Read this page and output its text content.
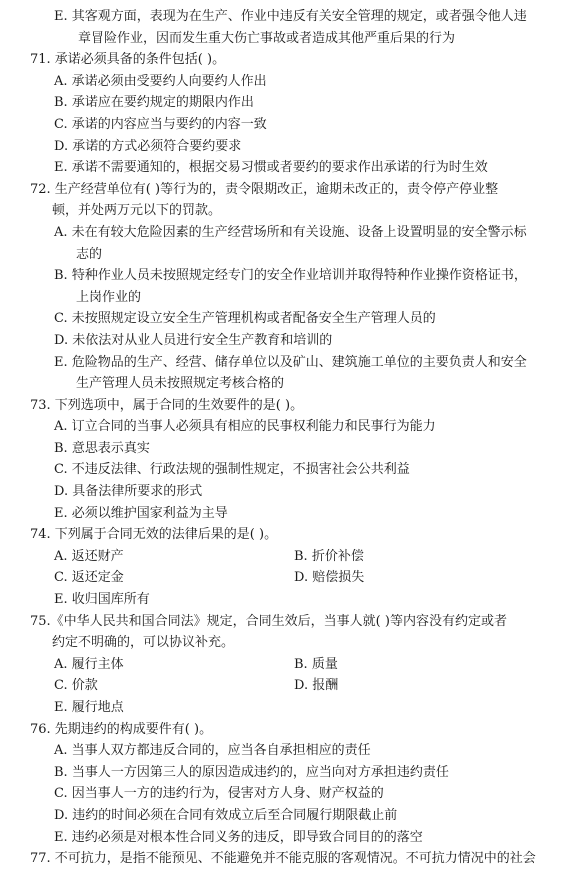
E. 其客观方面，表现为在生产、作业中违反有关安全管理的规定，或者强令他人违
章冒险作业，因而发生重大伤亡事故或者造成其他严重后果的行为
71. 承诺必须具备的条件包括( )。
A. 承诺必须由受要约人向要约人作出
B. 承诺应在要约规定的期限内作出
C. 承诺的内容应当与要约的内容一致
D. 承诺的方式必须符合要约要求
E. 承诺不需要通知的，根据交易习惯或者要约的要求作出承诺的行为时生效
72. 生产经营单位有( )等行为的，责令限期改正，逾期未改正的，责令停产停业整
顿，并处两万元以下的罚款。
A. 未在有较大危险因素的生产经营场所和有关设施、设备上设置明显的安全警示标
志的
B. 特种作业人员未按照规定经专门的安全作业培训并取得特种作业操作资格证书，
上岗作业的
C. 未按照规定设立安全生产管理机构或者配备安全生产管理人员的
D. 未依法对从业人员进行安全生产教育和培训的
E. 危险物品的生产、经营、储存单位以及矿山、建筑施工单位的主要负责人和安全
生产管理人员未按照规定考核合格的
73. 下列选项中，属于合同的生效要件的是( )。
A. 订立合同的当事人必须具有相应的民事权利能力和民事行为能力
B. 意思表示真实
C. 不违反法律、行政法规的强制性规定，不损害社会公共利益
D. 具备法律所要求的形式
E. 必须以维护国家利益为主导
74. 下列属于合同无效的法律后果的是( )。
A. 返还财产	B. 折价补偿
C. 返还定金	D. 赔偿损失
E. 收归国库所有
75.《中华人民共和国合同法》规定，合同生效后，当事人就( )等内容没有约定或者
约定不明确的，可以协议补充。
A. 履行主体	B. 质量
C. 价款	D. 报酬
E. 履行地点
76. 先期违约的构成要件有( )。
A. 当事人双方都违反合同的，应当各自承担相应的责任
B. 当事人一方因第三人的原因造成违约的，应当向对方承担违约责任
C. 因当事人一方的违约行为，侵害对方人身、财产权益的
D. 违约的时间必须在合同有效成立后至合同履行期限截止前
E. 违约必须是对根本性合同义务的违反，即导致合同目的的落空
77. 不可抗力，是指不能预见、不能避免并不能克服的客观情况。不可抗力情况中的社会
